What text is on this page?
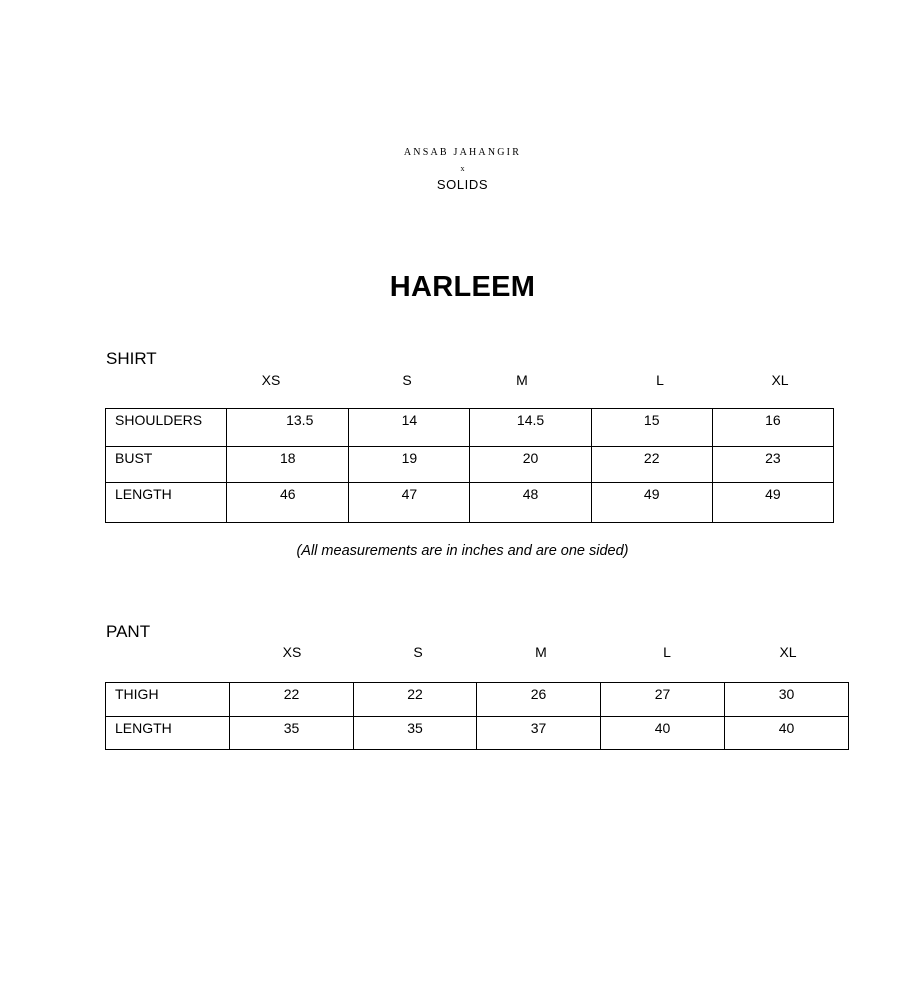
ANSAB JAHANGIR
x
SOLIDS
HARLEEM
SHIRT
XS	S	M	L	XL
SHOULDERS	13.5	14	14.5	15	16
BUST	18	19	20	22	23
LENGTH	46	47	48	49	49
(All measurements are in inches and are one sided)
PANT
XS	S	M	L	XL
THIGH	22	22	26	27	30
LENGTH	35	35	37	40	40
